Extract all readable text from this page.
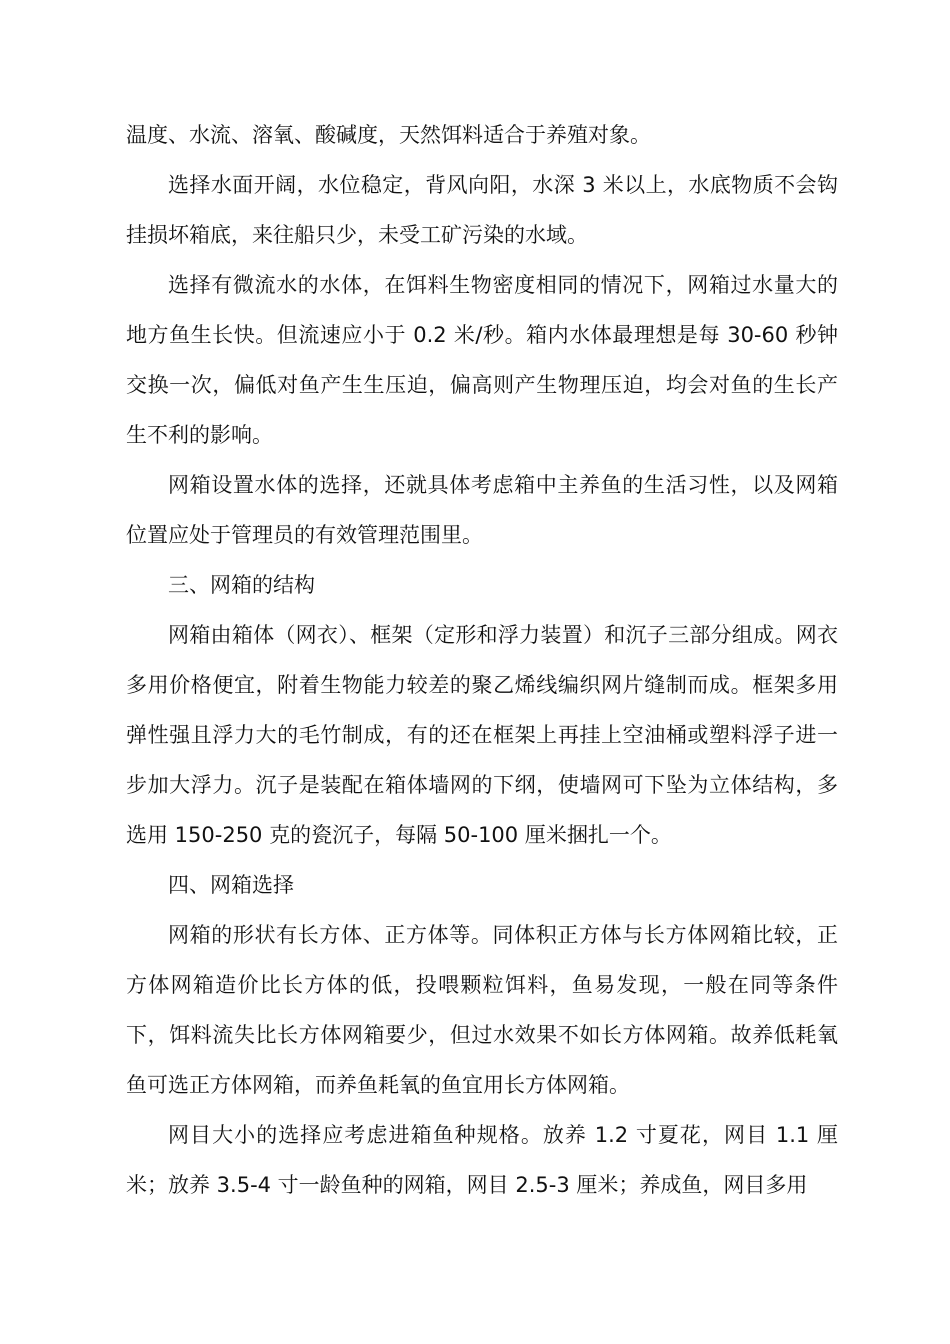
温度、水流、溶氧、酸碱度，天然饵料适合于养殖对象。

选择水面开阔，水位稳定，背风向阳，水深 3 米以上，水底物质不会钩挂损坏箱底，来往船只少，未受工矿污染的水域。

选择有微流水的水体，在饵料生物密度相同的情况下，网箱过水量大的地方鱼生长快。但流速应小于 0.2 米/秒。箱内水体最理想是每 30-60 秒钟交换一次，偏低对鱼产生生压迫，偏高则产生物理压迫，均会对鱼的生长产生不利的影响。

网箱设置水体的选择，还就具体考虑箱中主养鱼的生活习性，以及网箱位置应处于管理员的有效管理范围里。

三、网箱的结构

网箱由箱体（网衣）、框架（定形和浮力装置）和沉子三部分组成。网衣多用价格便宜，附着生物能力较差的聚乙烯线编织网片缝制而成。框架多用弹性强且浮力大的毛竹制成，有的还在框架上再挂上空油桶或塑料浮子进一步加大浮力。沉子是装配在箱体墙网的下纲，使墙网可下坠为立体结构，多选用 150-250 克的瓷沉子，每隔 50-100 厘米捆扎一个。

四、网箱选择

网箱的形状有长方体、正方体等。同体积正方体与长方体网箱比较，正方体网箱造价比长方体的低，投喂颗粒饵料，鱼易发现，一般在同等条件下，饵料流失比长方体网箱要少，但过水效果不如长方体网箱。故养低耗氧鱼可选正方体网箱，而养鱼耗氧的鱼宜用长方体网箱。

网目大小的选择应考虑进箱鱼种规格。放养 1.2 寸夏花，网目 1.1 厘米；放养 3.5-4 寸一龄鱼种的网箱，网目 2.5-3 厘米；养成鱼，网目多用
